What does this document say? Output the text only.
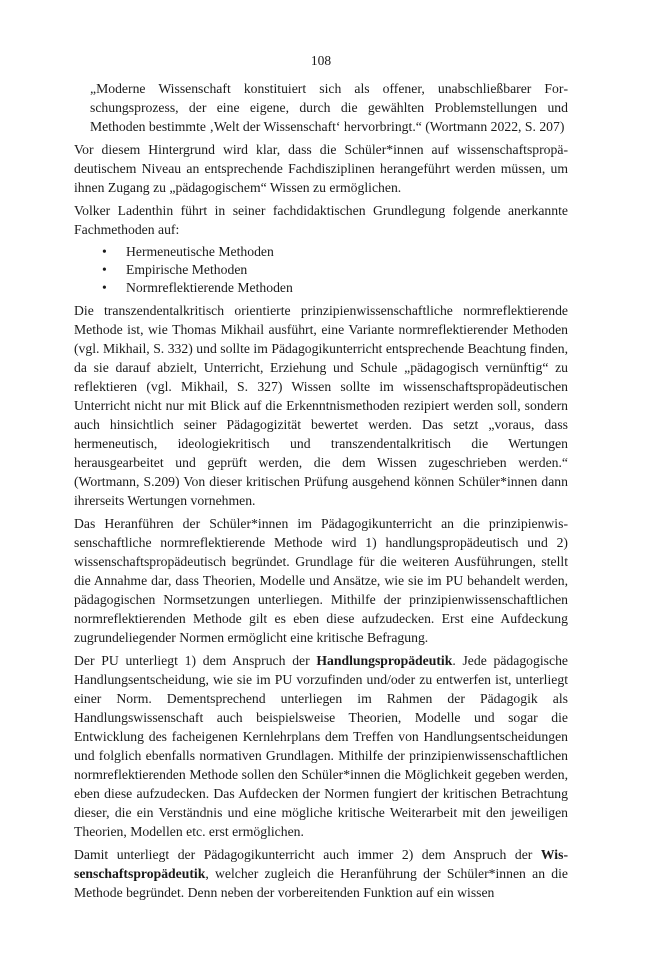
108

„Moderne Wissenschaft konstituiert sich als offener, unabschließbarer Forschungsprozess, der eine eigene, durch die gewählten Problemstellungen und Methoden bestimmte ‚Welt der Wissenschaft‘ hervorbringt.“ (Wortmann 2022, S. 207)

Vor diesem Hintergrund wird klar, dass die Schüler*innen auf wissenschaftspropädeutischem Niveau an entsprechende Fachdisziplinen herangeführt werden müssen, um ihnen Zugang zu „pädagogischem“ Wissen zu ermöglichen.

Volker Ladenthin führt in seiner fachdidaktischen Grundlegung folgende anerkannte Fachmethoden auf:

• Hermeneutische Methoden
• Empirische Methoden
• Normreflektierende Methoden

Die transzendentalkritisch orientierte prinzipienwissenschaftliche normreflektierende Methode ist, wie Thomas Mikhail ausführt, eine Variante normreflektierender Methoden (vgl. Mikhail, S. 332) und sollte im Pädagogikunterricht entsprechende Beachtung finden, da sie darauf abzielt, Unterricht, Erziehung und Schule „pädagogisch vernünftig“ zu reflektieren (vgl. Mikhail, S. 327) Wissen sollte im wissenschaftspropädeutischen Unterricht nicht nur mit Blick auf die Erkenntnismethoden rezipiert werden soll, sondern auch hinsichtlich seiner Pädagogizität bewertet werden. Das setzt „voraus, dass hermeneutisch, ideologiekritisch und transzendentalkritisch die Wertungen herausgearbeitet und geprüft werden, die dem Wissen zugeschrieben werden.“ (Wortmann, S.209) Von dieser kritischen Prüfung ausgehend können Schüler*innen dann ihrerseits Wertungen vornehmen.

Das Heranführen der Schüler*innen im Pädagogikunterricht an die prinzipienwissenschaftliche normreflektierende Methode wird 1) handlungspropädeutisch und 2) wissenschaftspropädeutisch begründet. Grundlage für die weiteren Ausführungen, stellt die Annahme dar, dass Theorien, Modelle und Ansätze, wie sie im PU behandelt werden, pädagogischen Normsetzungen unterliegen. Mithilfe der prinzipienwissenschaftlichen normreflektierenden Methode gilt es eben diese aufzudecken. Erst eine Aufdeckung zugrundeliegender Normen ermöglicht eine kritische Befragung.

Der PU unterliegt 1) dem Anspruch der Handlungspropädeutik. Jede pädagogische Handlungsentscheidung, wie sie im PU vorzufinden und/oder zu entwerfen ist, unterliegt einer Norm. Dementsprechend unterliegen im Rahmen der Pädagogik als Handlungswissenschaft auch beispielsweise Theorien, Modelle und sogar die Entwicklung des facheigenen Kernlehrplans dem Treffen von Handlungsentscheidungen und folglich ebenfalls normativen Grundlagen. Mithilfe der prinzipienwissenschaftlichen normreflektierenden Methode sollen den Schüler*innen die Möglichkeit gegeben werden, eben diese aufzudecken. Das Aufdecken der Normen fungiert der kritischen Betrachtung dieser, die ein Verständnis und eine mögliche kritische Weiterarbeit mit den jeweiligen Theorien, Modellen etc. erst ermöglichen.

Damit unterliegt der Pädagogikunterricht auch immer 2) dem Anspruch der Wissenschaftspropädeutik, welcher zugleich die Heranführung der Schüler*innen an die Methode begründet. Denn neben der vorbereitenden Funktion auf ein wissen
